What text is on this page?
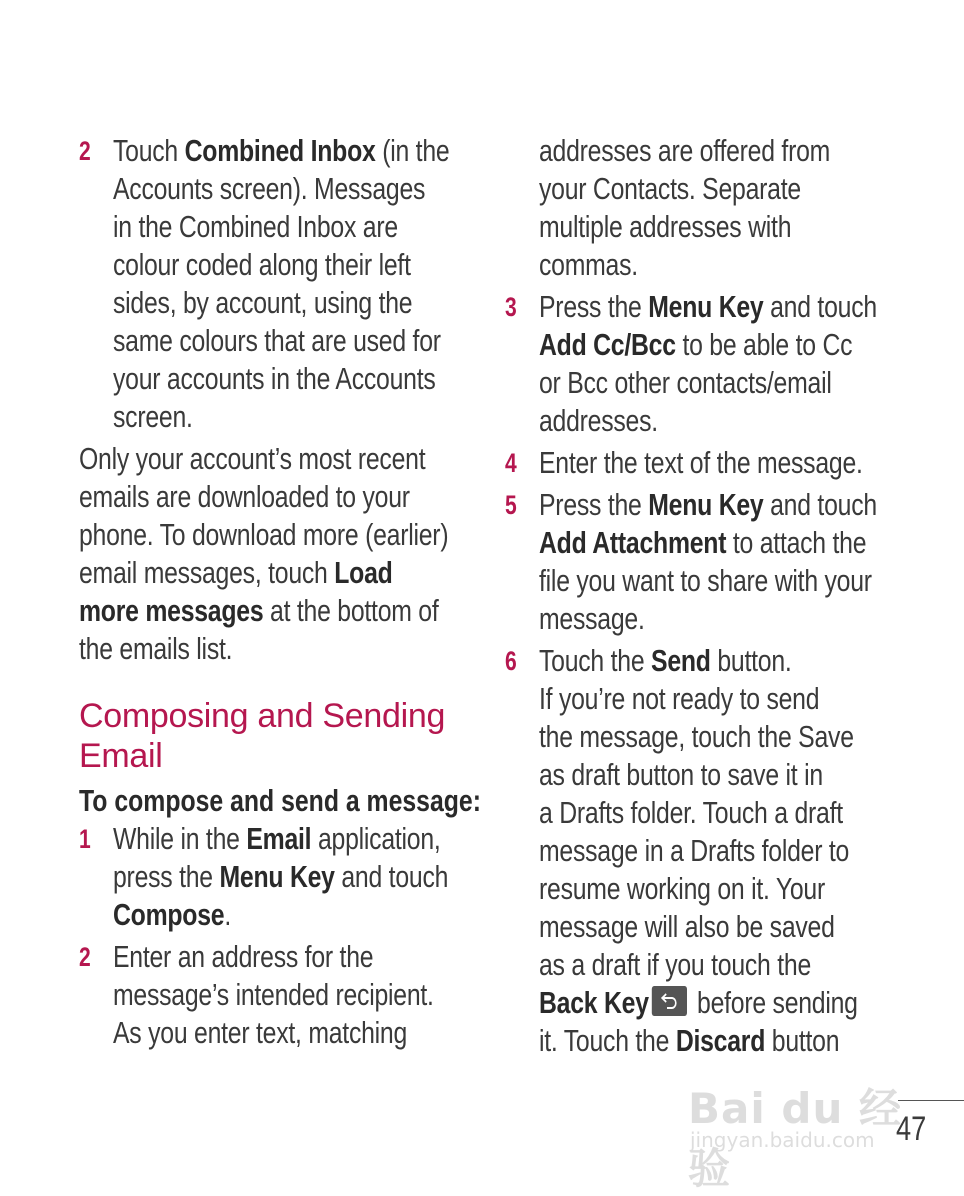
2 Touch Combined Inbox (in the
Accounts screen). Messages
in the Combined Inbox are
colour coded along their left
sides, by account, using the
same colours that are used for
your accounts in the Accounts
screen.
Only your account’s most recent
emails are downloaded to your
phone. To download more (earlier)
email messages, touch Load
more messages at the bottom of
the emails list.
Composing and Sending
Email
To compose and send a message:
1 While in the Email application,
press the Menu Key and touch
Compose.
2 Enter an address for the
message’s intended recipient.
As you enter text, matching
addresses are offered from
your Contacts. Separate
multiple addresses with
commas.
3 Press the Menu Key and touch
Add Cc/Bcc to be able to Cc
or Bcc other contacts/email
addresses.
4 Enter the text of the message.
5 Press the Menu Key and touch
Add Attachment to attach the
file you want to share with your
message.
6 Touch the Send button.
If you’re not ready to send
the message, touch the Save
as draft button to save it in
a Drafts folder. Touch a draft
message in a Drafts folder to
resume working on it. Your
message will also be saved
as a draft if you touch the
Back Key
before sending
it. Touch the Discard button
47
Bai du 经验
jingyan.baidu.com
